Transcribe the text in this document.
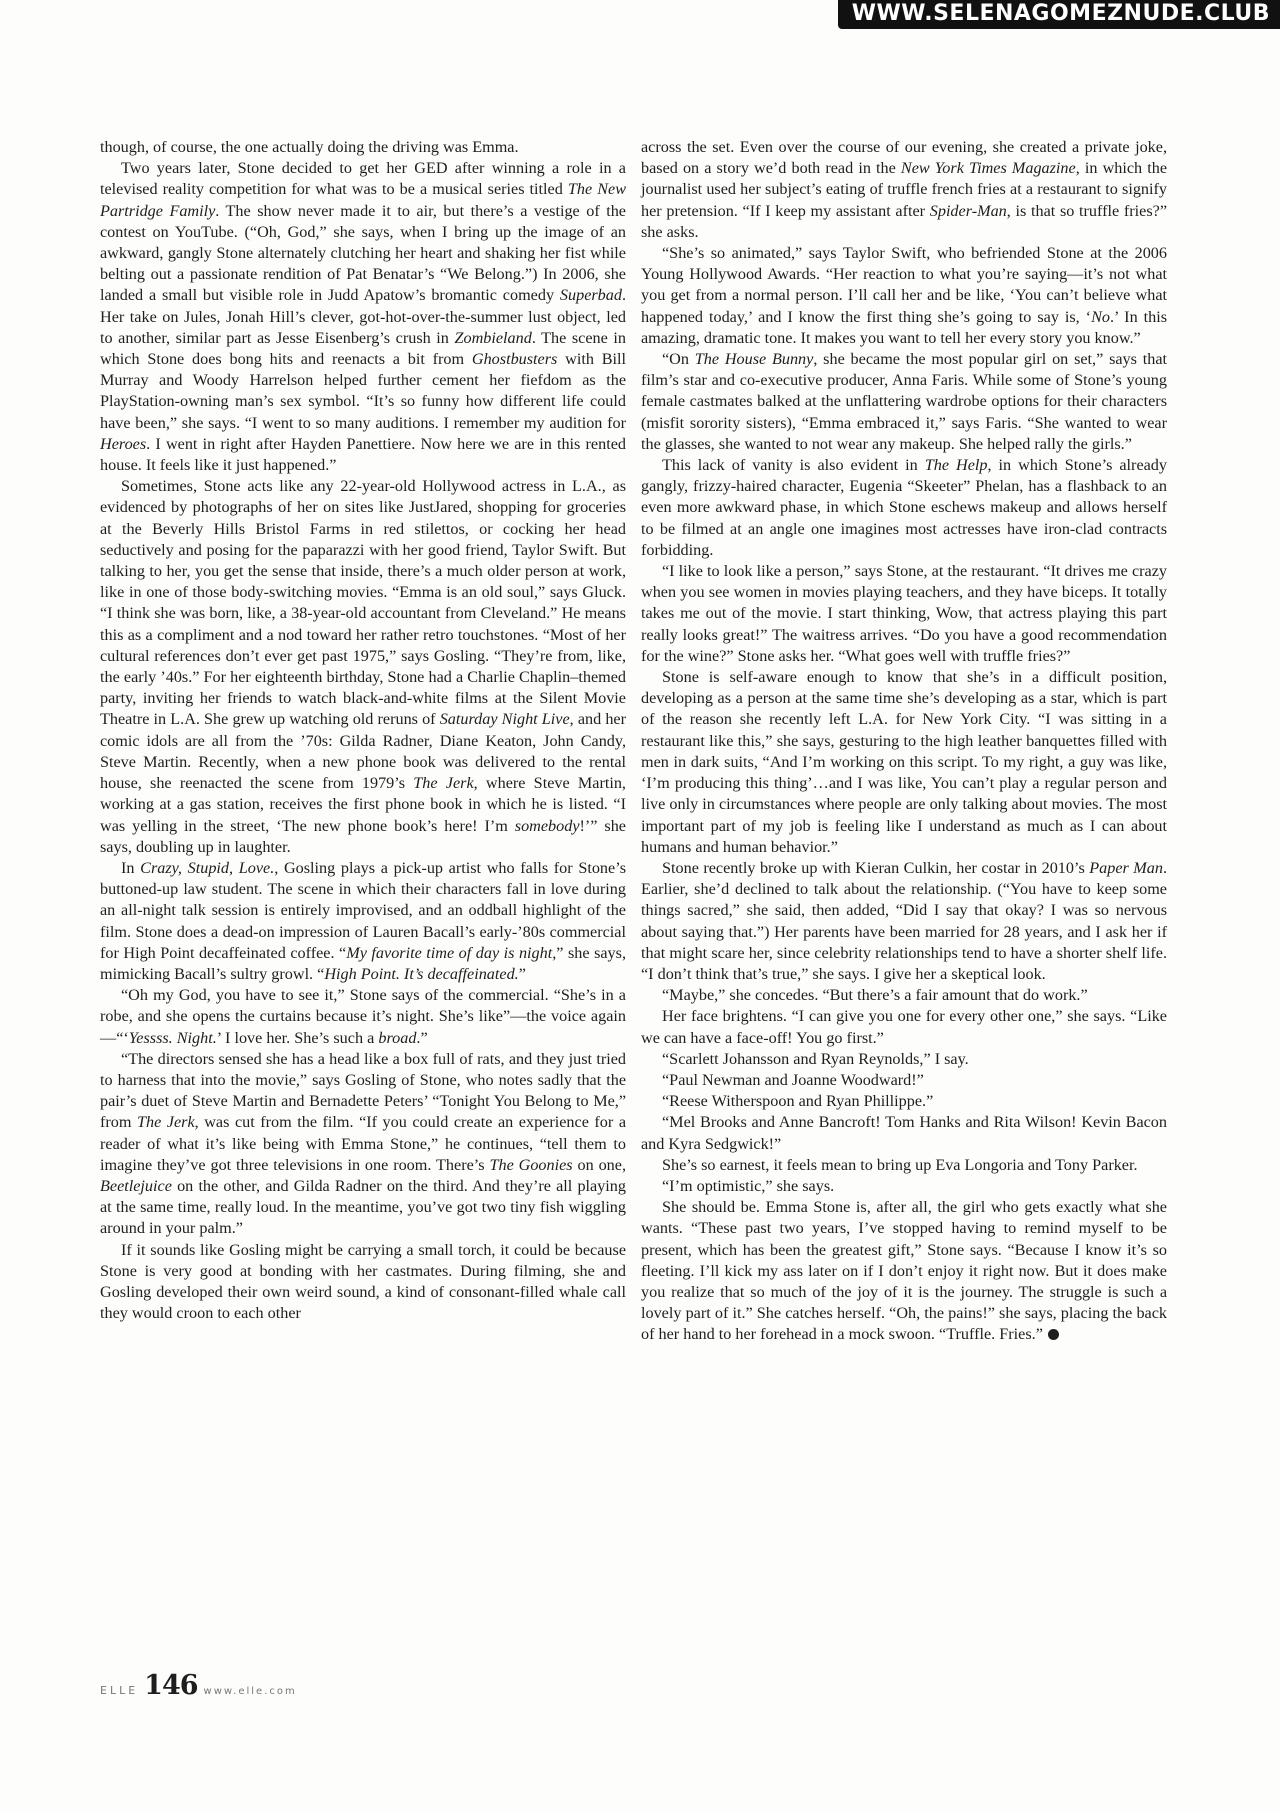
WWW.SELENAGOMEZNUDE.CLUB

though, of course, the one actually doing the driving was Emma.

Two years later, Stone decided to get her GED after winning a role in a televised reality competition for what was to be a musical series titled The New Partridge Family. The show never made it to air, but there’s a vestige of the contest on YouTube. (“Oh, God,” she says, when I bring up the image of an awkward, gangly Stone alternately clutching her heart and shaking her fist while belting out a passionate rendition of Pat Benatar’s “We Belong.”) In 2006, she landed a small but visible role in Judd Apatow’s bromantic comedy Superbad. Her take on Jules, Jonah Hill’s clever, got-hot-over-the-summer lust object, led to another, similar part as Jesse Eisenberg’s crush in Zombieland. The scene in which Stone does bong hits and reenacts a bit from Ghostbusters with Bill Murray and Woody Harrelson helped further cement her fiefdom as the PlayStation-owning man’s sex symbol. “It’s so funny how different life could have been,” she says. “I went to so many auditions. I remember my audition for Heroes. I went in right after Hayden Panettiere. Now here we are in this rented house. It feels like it just happened.”

Sometimes, Stone acts like any 22-year-old Hollywood actress in L.A., as evidenced by photographs of her on sites like JustJared, shopping for groceries at the Beverly Hills Bristol Farms in red stilettos, or cocking her head seductively and posing for the paparazzi with her good friend, Taylor Swift. But talking to her, you get the sense that inside, there’s a much older person at work, like in one of those body-switching movies. “Emma is an old soul,” says Gluck. “I think she was born, like, a 38-year-old accountant from Cleveland.” He means this as a compliment and a nod toward her rather retro touchstones. “Most of her cultural references don’t ever get past 1975,” says Gosling. “They’re from, like, the early ’40s.” For her eighteenth birthday, Stone had a Charlie Chaplin–themed party, inviting her friends to watch black-and-white films at the Silent Movie Theatre in L.A. She grew up watching old reruns of Saturday Night Live, and her comic idols are all from the ’70s: Gilda Radner, Diane Keaton, John Candy, Steve Martin. Recently, when a new phone book was delivered to the rental house, she reenacted the scene from 1979’s The Jerk, where Steve Martin, working at a gas station, receives the first phone book in which he is listed. “I was yelling in the street, ‘The new phone book’s here! I’m somebody!’” she says, doubling up in laughter.

In Crazy, Stupid, Love., Gosling plays a pick-up artist who falls for Stone’s buttoned-up law student. The scene in which their characters fall in love during an all-night talk session is entirely improvised, and an oddball highlight of the film. Stone does a dead-on impression of Lauren Bacall’s early-’80s commercial for High Point decaffeinated coffee. “My favorite time of day is night,” she says, mimicking Bacall’s sultry growl. “High Point. It’s decaffeinated.”

“Oh my God, you have to see it,” Stone says of the commercial. “She’s in a robe, and she opens the curtains because it’s night. She’s like”—the voice again—“‘Yessss. Night.’ I love her. She’s such a broad.”

“The directors sensed she has a head like a box full of rats, and they just tried to harness that into the movie,” says Gosling of Stone, who notes sadly that the pair’s duet of Steve Martin and Bernadette Peters’ “Tonight You Belong to Me,” from The Jerk, was cut from the film. “If you could create an experience for a reader of what it’s like being with Emma Stone,” he continues, “tell them to imagine they’ve got three televisions in one room. There’s The Goonies on one, Beetlejuice on the other, and Gilda Radner on the third. And they’re all playing at the same time, really loud. In the meantime, you’ve got two tiny fish wiggling around in your palm.”

If it sounds like Gosling might be carrying a small torch, it could be because Stone is very good at bonding with her castmates. During filming, she and Gosling developed their own weird sound, a kind of consonant-filled whale call they would croon to each other

across the set. Even over the course of our evening, she created a private joke, based on a story we’d both read in the New York Times Magazine, in which the journalist used her subject’s eating of truffle french fries at a restaurant to signify her pretension. “If I keep my assistant after Spider-Man, is that so truffle fries?” she asks.

“She’s so animated,” says Taylor Swift, who befriended Stone at the 2006 Young Hollywood Awards. “Her reaction to what you’re saying—it’s not what you get from a normal person. I’ll call her and be like, ‘You can’t believe what happened today,’ and I know the first thing she’s going to say is, ‘No.’ In this amazing, dramatic tone. It makes you want to tell her every story you know.”

“On The House Bunny, she became the most popular girl on set,” says that film’s star and co-executive producer, Anna Faris. While some of Stone’s young female castmates balked at the unflattering wardrobe options for their characters (misfit sorority sisters), “Emma embraced it,” says Faris. “She wanted to wear the glasses, she wanted to not wear any makeup. She helped rally the girls.”

This lack of vanity is also evident in The Help, in which Stone’s already gangly, frizzy-haired character, Eugenia “Skeeter” Phelan, has a flashback to an even more awkward phase, in which Stone eschews makeup and allows herself to be filmed at an angle one imagines most actresses have iron-clad contracts forbidding.

“I like to look like a person,” says Stone, at the restaurant. “It drives me crazy when you see women in movies playing teachers, and they have biceps. It totally takes me out of the movie. I start thinking, Wow, that actress playing this part really looks great!” The waitress arrives. “Do you have a good recommendation for the wine?” Stone asks her. “What goes well with truffle fries?”

Stone is self-aware enough to know that she’s in a difficult position, developing as a person at the same time she’s developing as a star, which is part of the reason she recently left L.A. for New York City. “I was sitting in a restaurant like this,” she says, gesturing to the high leather banquettes filled with men in dark suits, “And I’m working on this script. To my right, a guy was like, ‘I’m producing this thing’…and I was like, You can’t play a regular person and live only in circumstances where people are only talking about movies. The most important part of my job is feeling like I understand as much as I can about humans and human behavior.”

Stone recently broke up with Kieran Culkin, her costar in 2010’s Paper Man. Earlier, she’d declined to talk about the relationship. (“You have to keep some things sacred,” she said, then added, “Did I say that okay? I was so nervous about saying that.”) Her parents have been married for 28 years, and I ask her if that might scare her, since celebrity relationships tend to have a shorter shelf life. “I don’t think that’s true,” she says. I give her a skeptical look.

“Maybe,” she concedes. “But there’s a fair amount that do work.”

Her face brightens. “I can give you one for every other one,” she says. “Like we can have a face-off! You go first.”

“Scarlett Johansson and Ryan Reynolds,” I say.

“Paul Newman and Joanne Woodward!”

“Reese Witherspoon and Ryan Phillippe.”

“Mel Brooks and Anne Bancroft! Tom Hanks and Rita Wilson! Kevin Bacon and Kyra Sedgwick!”

She’s so earnest, it feels mean to bring up Eva Longoria and Tony Parker.

“I’m optimistic,” she says.

She should be. Emma Stone is, after all, the girl who gets exactly what she wants. “These past two years, I’ve stopped having to remind myself to be present, which has been the greatest gift,” Stone says. “Because I know it’s so fleeting. I’ll kick my ass later on if I don’t enjoy it right now. But it does make you realize that so much of the joy of it is the journey. The struggle is such a lovely part of it.” She catches herself. “Oh, the pains!” she says, placing the back of her hand to her forehead in a mock swoon. “Truffle. Fries.”

ELLE 146 www.elle.com
